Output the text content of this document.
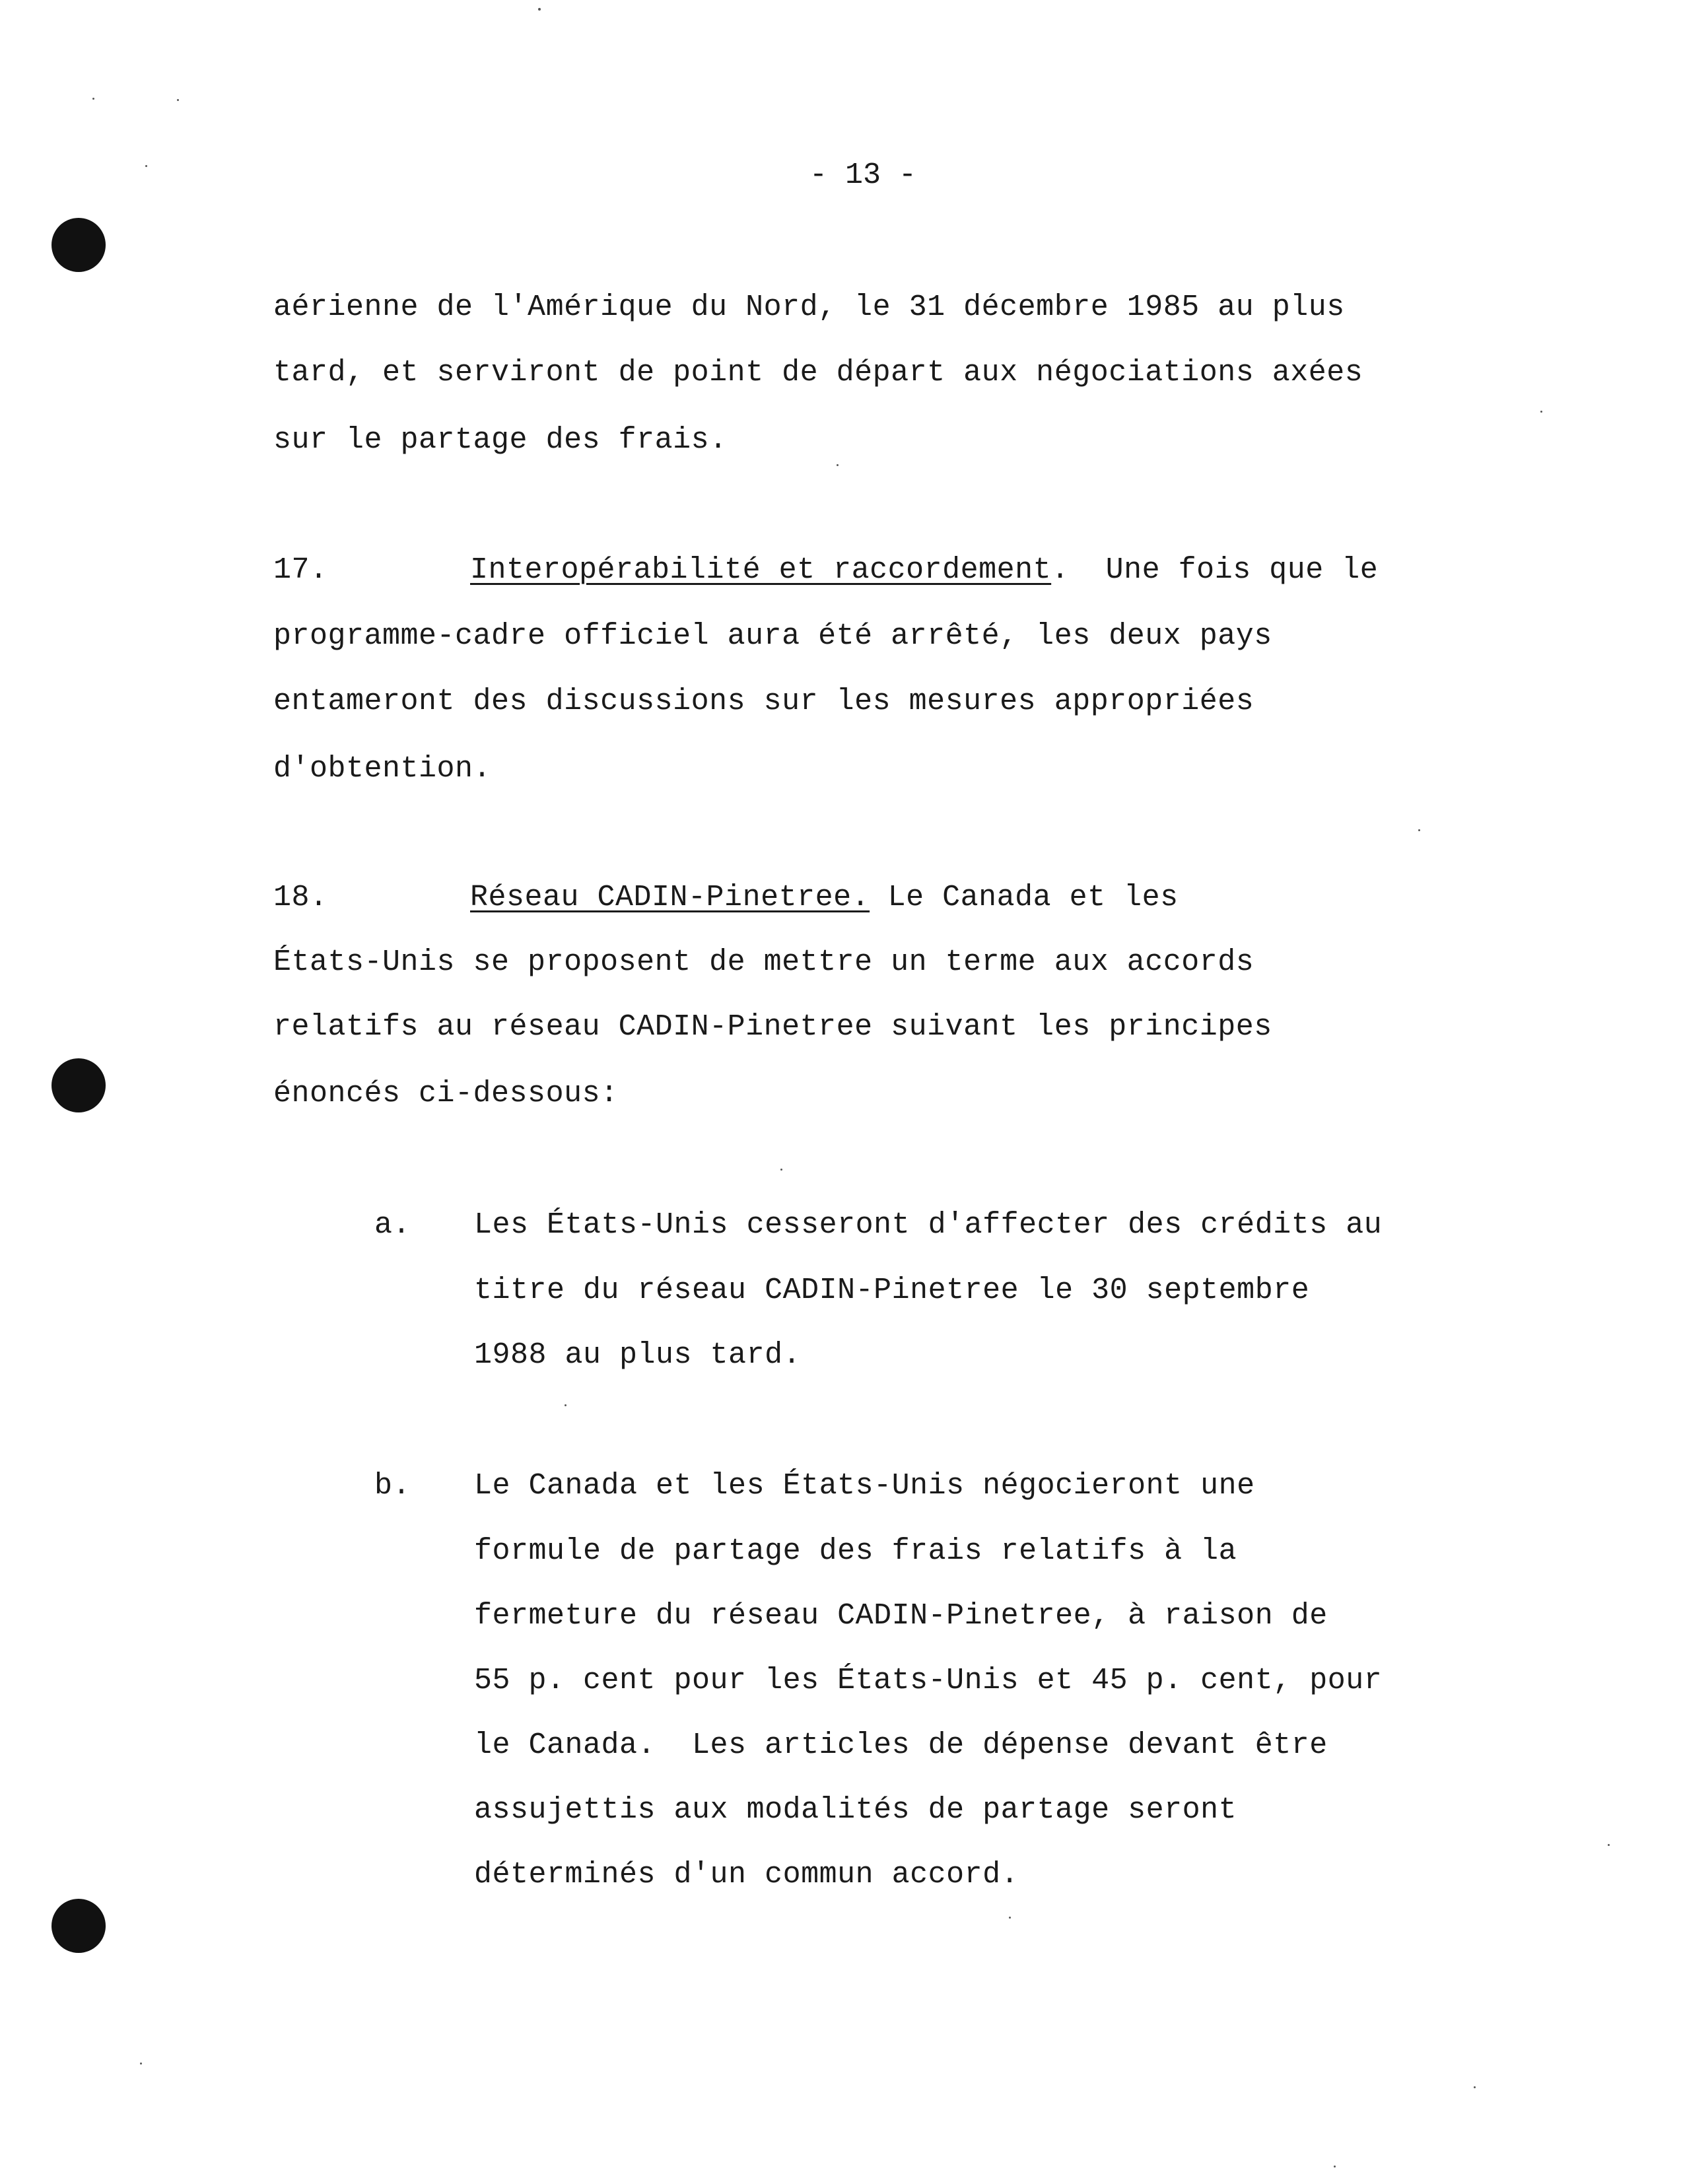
- 13 -
aérienne de l'Amérique du Nord, le 31 décembre 1985 au plus
tard, et serviront de point de départ aux négociations axées
sur le partage des frais.
17.	Interopérabilité et raccordement.  Une fois que le
programme-cadre officiel aura été arrêté, les deux pays
entameront des discussions sur les mesures appropriées
d'obtention.
18.	Réseau CADIN-Pinetree. Le Canada et les
États-Unis se proposent de mettre un terme aux accords
relatifs au réseau CADIN-Pinetree suivant les principes
énoncés ci-dessous:
a. Les États-Unis cesseront d'affecter des crédits au
titre du réseau CADIN-Pinetree le 30 septembre
1988 au plus tard.
b. Le Canada et les États-Unis négocieront une
formule de partage des frais relatifs à la
fermeture du réseau CADIN-Pinetree, à raison de
55 p. cent pour les États-Unis et 45 p. cent, pour
le Canada.  Les articles de dépense devant être
assujettis aux modalités de partage seront
déterminés d'un commun accord.
